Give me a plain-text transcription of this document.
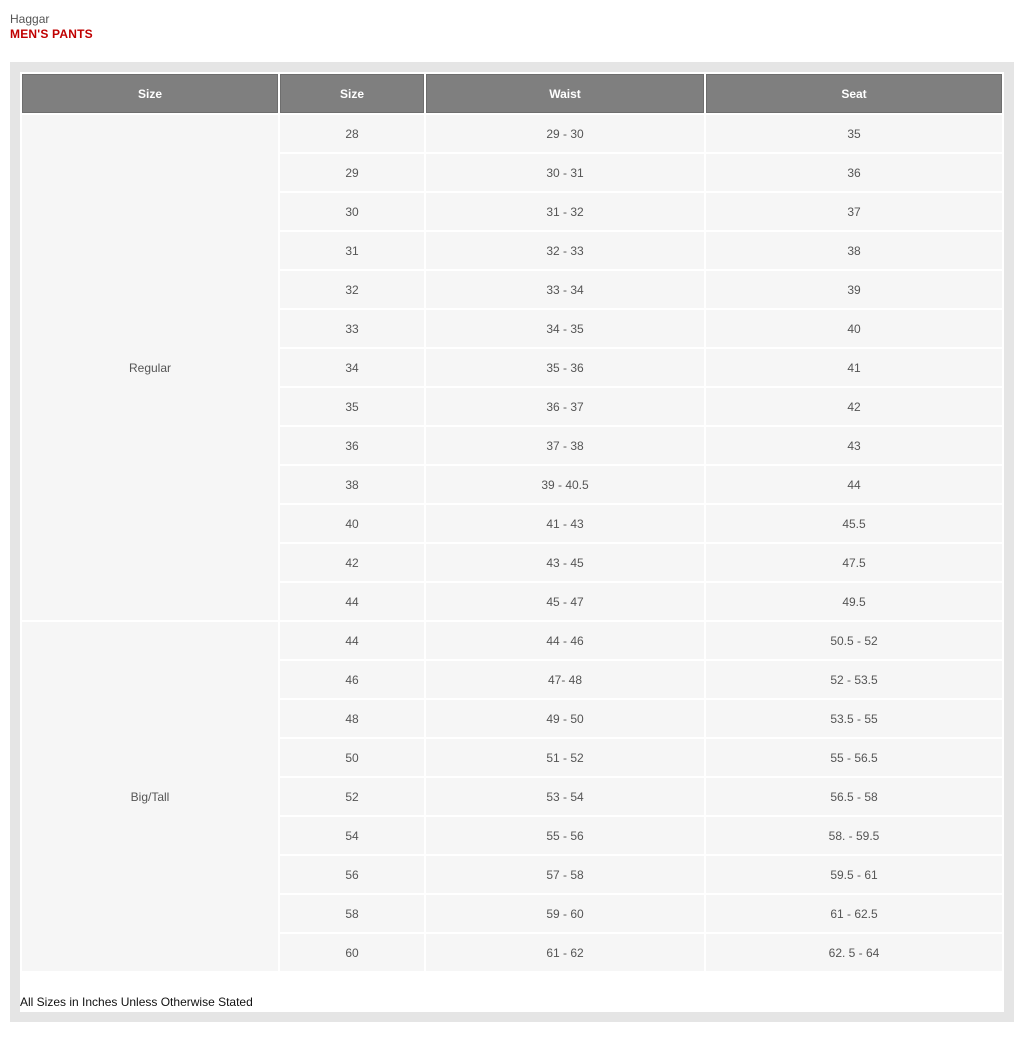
Haggar
MEN'S PANTS
Size	Size	Waist	Seat
Regular	28	29 - 30	35
	29	30 - 31	36
	30	31 - 32	37
	31	32 - 33	38
	32	33 - 34	39
	33	34 - 35	40
	34	35 - 36	41
	35	36 - 37	42
	36	37 - 38	43
	38	39 - 40.5	44
	40	41 - 43	45.5
	42	43 - 45	47.5
	44	45 - 47	49.5
Big/Tall	44	44 - 46	50.5 - 52
	46	47- 48	52 - 53.5
	48	49 - 50	53.5 - 55
	50	51 - 52	55 - 56.5
	52	53 - 54	56.5 - 58
	54	55 - 56	58. - 59.5
	56	57 - 58	59.5 - 61
	58	59 - 60	61 - 62.5
	60	61 - 62	62. 5 - 64
All Sizes in Inches Unless Otherwise Stated
